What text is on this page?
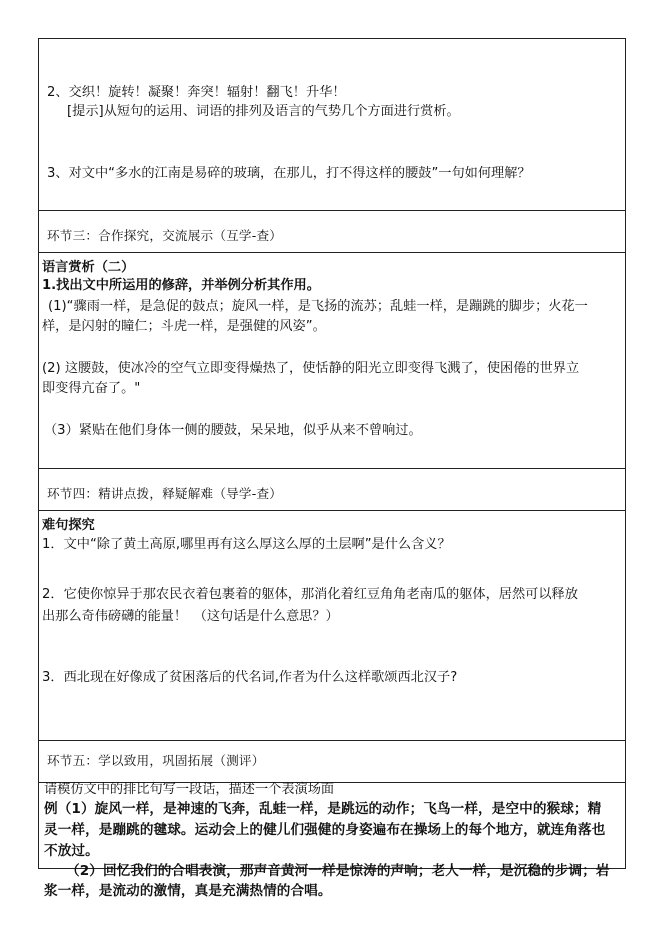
2、交织！旋转！凝聚！奔突！辐射！翻飞！升华！
[提示]从短句的运用、词语的排列及语言的气势几个方面进行赏析。
3、对文中“多水的江南是易碎的玻璃，在那儿，打不得这样的腰鼓”一句如何理解？
环节三：合作探究，交流展示（互学-查）
语言赏析（二）
1.找出文中所运用的修辞，并举例分析其作用。
(1)“骤雨一样，是急促的鼓点；旋风一样，是飞扬的流苏；乱蛙一样，是蹦跳的脚步；火花一
样，是闪射的瞳仁；斗虎一样，是强健的风姿”。
(2) 这腰鼓，使冰冷的空气立即变得燥热了，使恬静的阳光立即变得飞溅了，使困倦的世界立
即变得亢奋了。"
（3）紧贴在他们身体一侧的腰鼓，呆呆地，似乎从来不曾响过。
环节四：精讲点拨，释疑解难（导学-查）
难句探究
1．文中“除了黄土高原,哪里再有这么厚这么厚的土层啊”是什么含义？
2．它使你惊异于那农民衣着包裹着的躯体，那消化着红豆角角老南瓜的躯体，居然可以释放
出那么奇伟磅礴的能量！　（这句话是什么意思？）
3．西北现在好像成了贫困落后的代名词,作者为什么这样歌颂西北汉子?
环节五：学以致用，巩固拓展（测评）
请模仿文中的排比句写一段话，描述一个表演场面
例（1）旋风一样，是神速的飞奔，乱蛙一样，是跳远的动作；飞鸟一样，是空中的猴球；精
灵一样，是蹦跳的毽球。运动会上的健儿们强健的身姿遍布在操场上的每个地方，就连角落也
不放过。
（2）回忆我们的合唱表演，那声音黄河一样是惊涛的声响；老人一样，是沉稳的步调；岩
浆一样，是流动的激情，真是充满热情的合唱。
